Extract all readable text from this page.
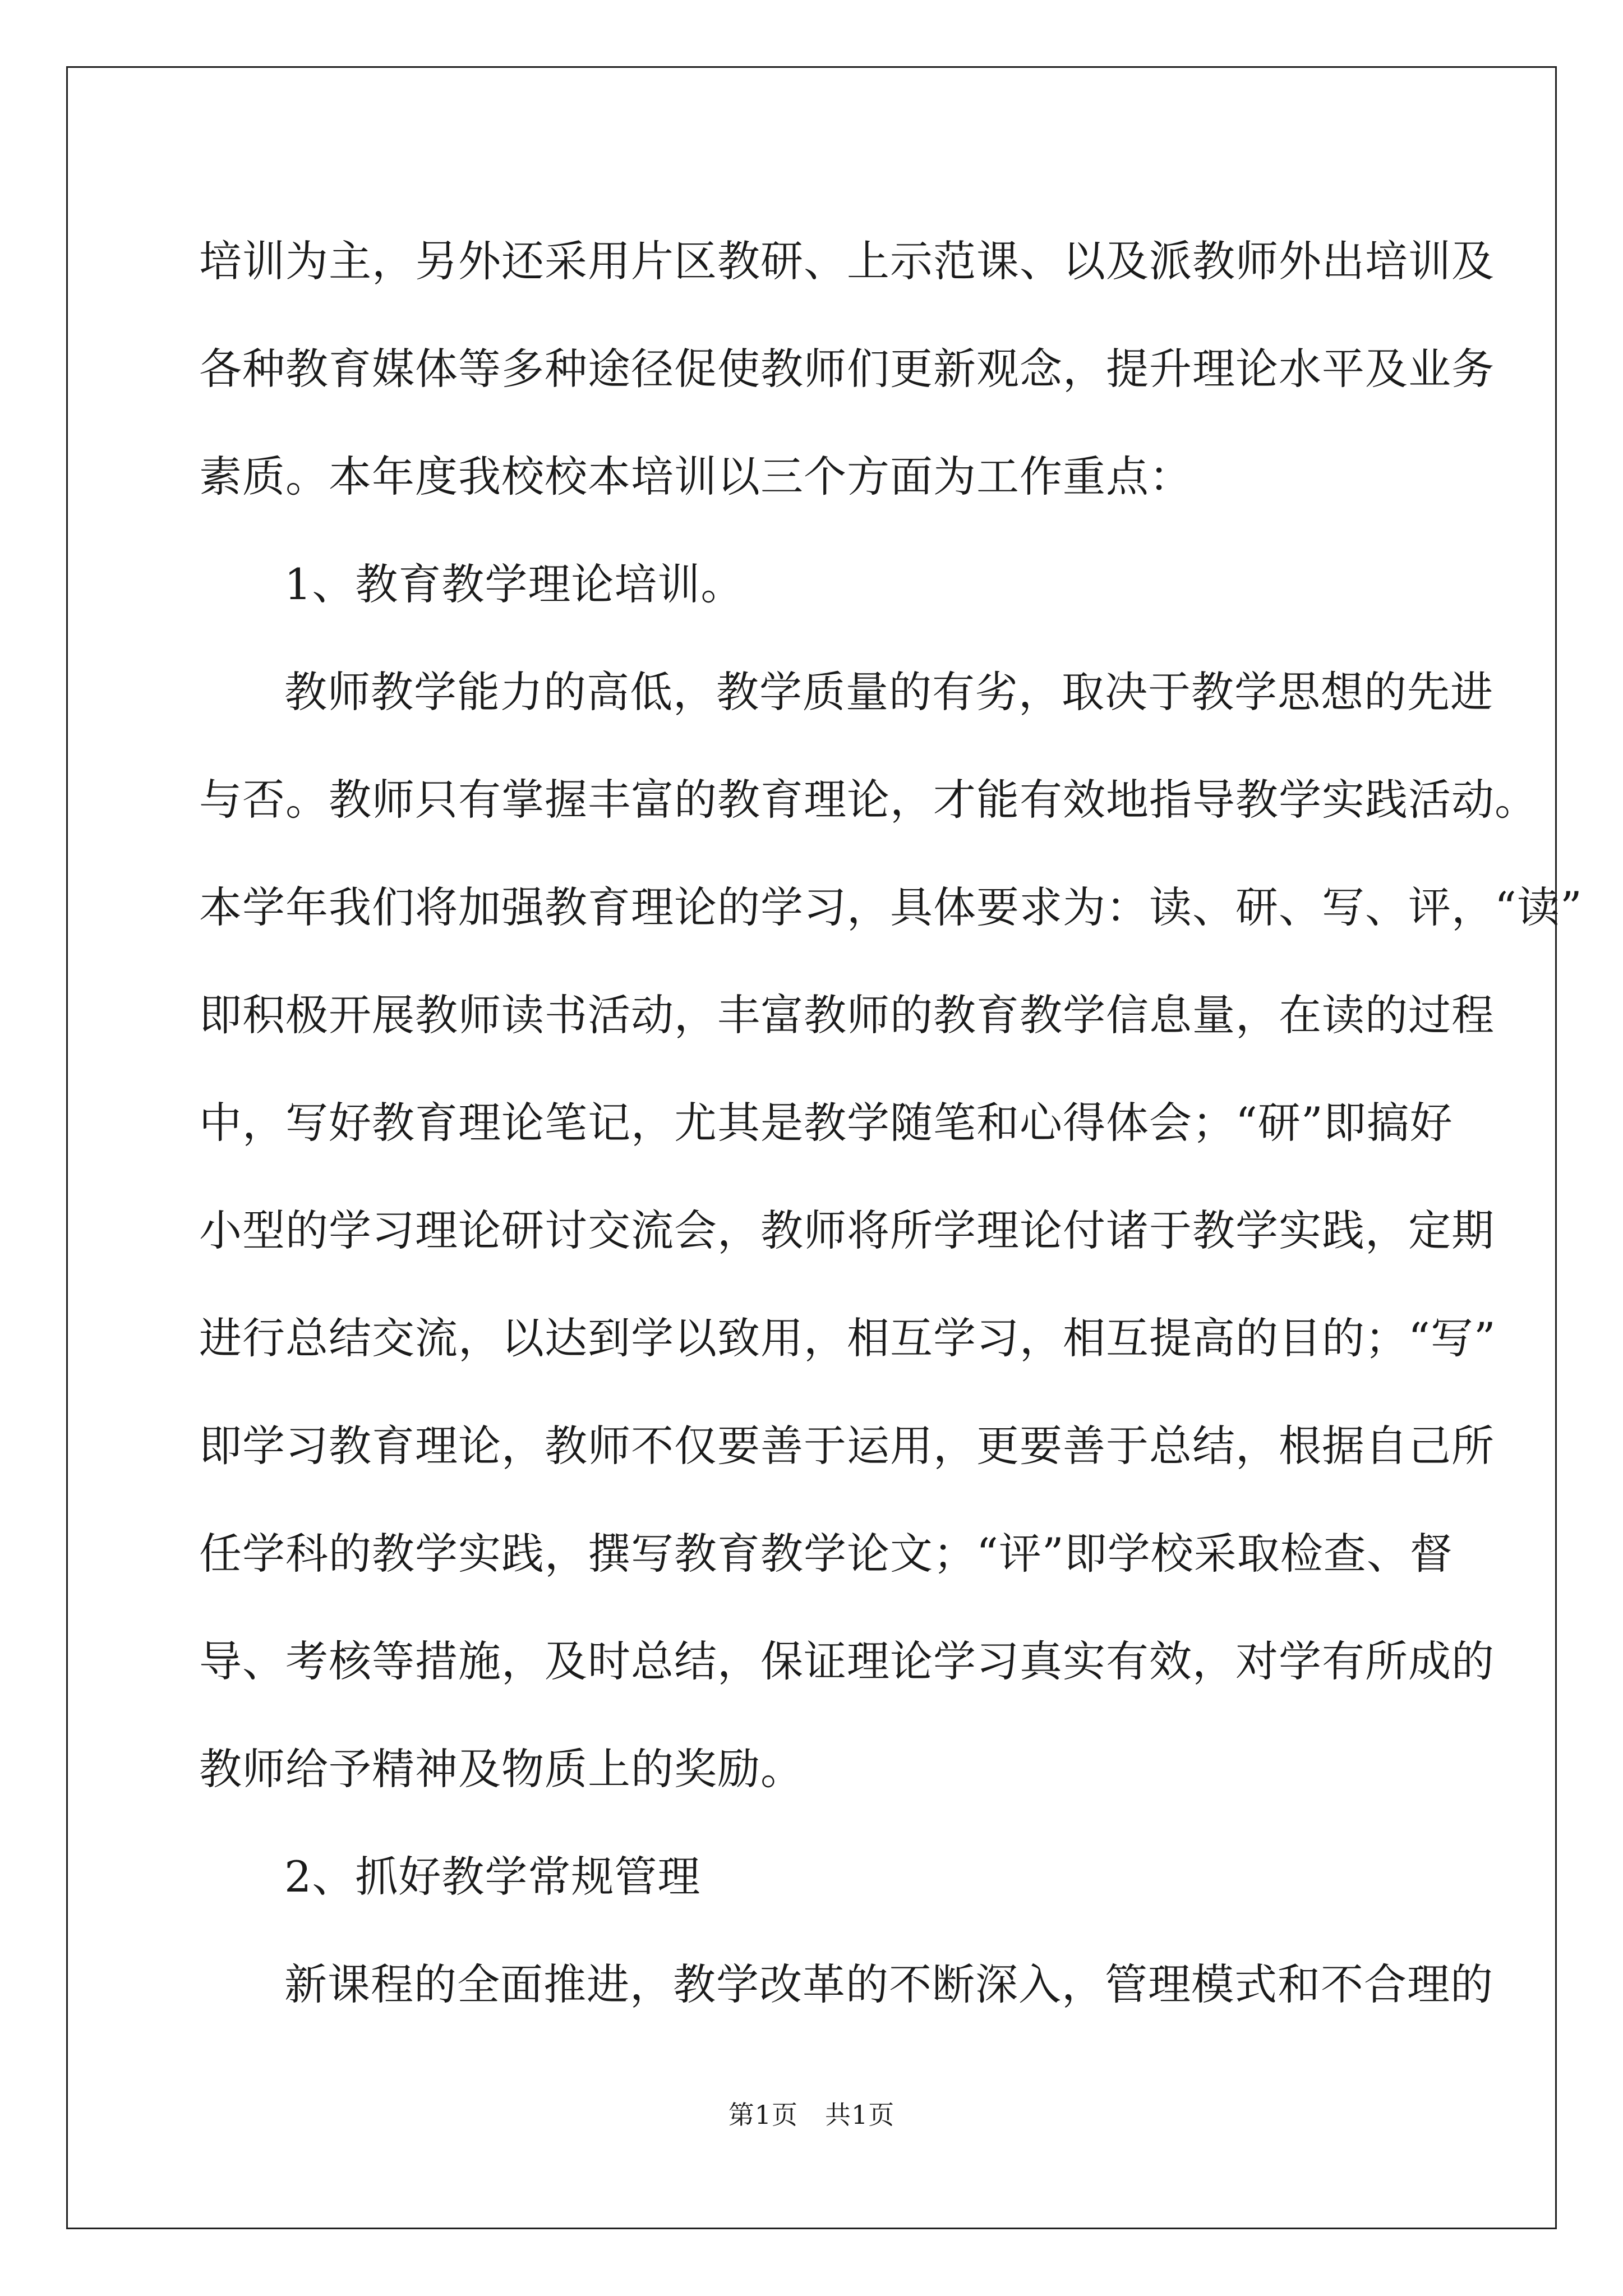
培训为主，另外还采用片区教研、上示范课、以及派教师外出培训及
各种教育媒体等多种途径促使教师们更新观念，提升理论水平及业务
素质。本年度我校校本培训以三个方面为工作重点：
1、教育教学理论培训。
教师教学能力的高低，教学质量的有劣，取决于教学思想的先进
与否。教师只有掌握丰富的教育理论，才能有效地指导教学实践活动。
本学年我们将加强教育理论的学习，具体要求为：读、研、写、评，“读”
即积极开展教师读书活动，丰富教师的教育教学信息量，在读的过程
中，写好教育理论笔记，尤其是教学随笔和心得体会；“研”即搞好
小型的学习理论研讨交流会，教师将所学理论付诸于教学实践，定期
进行总结交流，以达到学以致用，相互学习，相互提高的目的；“写”
即学习教育理论，教师不仅要善于运用，更要善于总结，根据自己所
任学科的教学实践，撰写教育教学论文；“评”即学校采取检查、督
导、考核等措施，及时总结，保证理论学习真实有效，对学有所成的
教师给予精神及物质上的奖励。
2、抓好教学常规管理
新课程的全面推进，教学改革的不断深入，管理模式和不合理的
第1页 共1页
